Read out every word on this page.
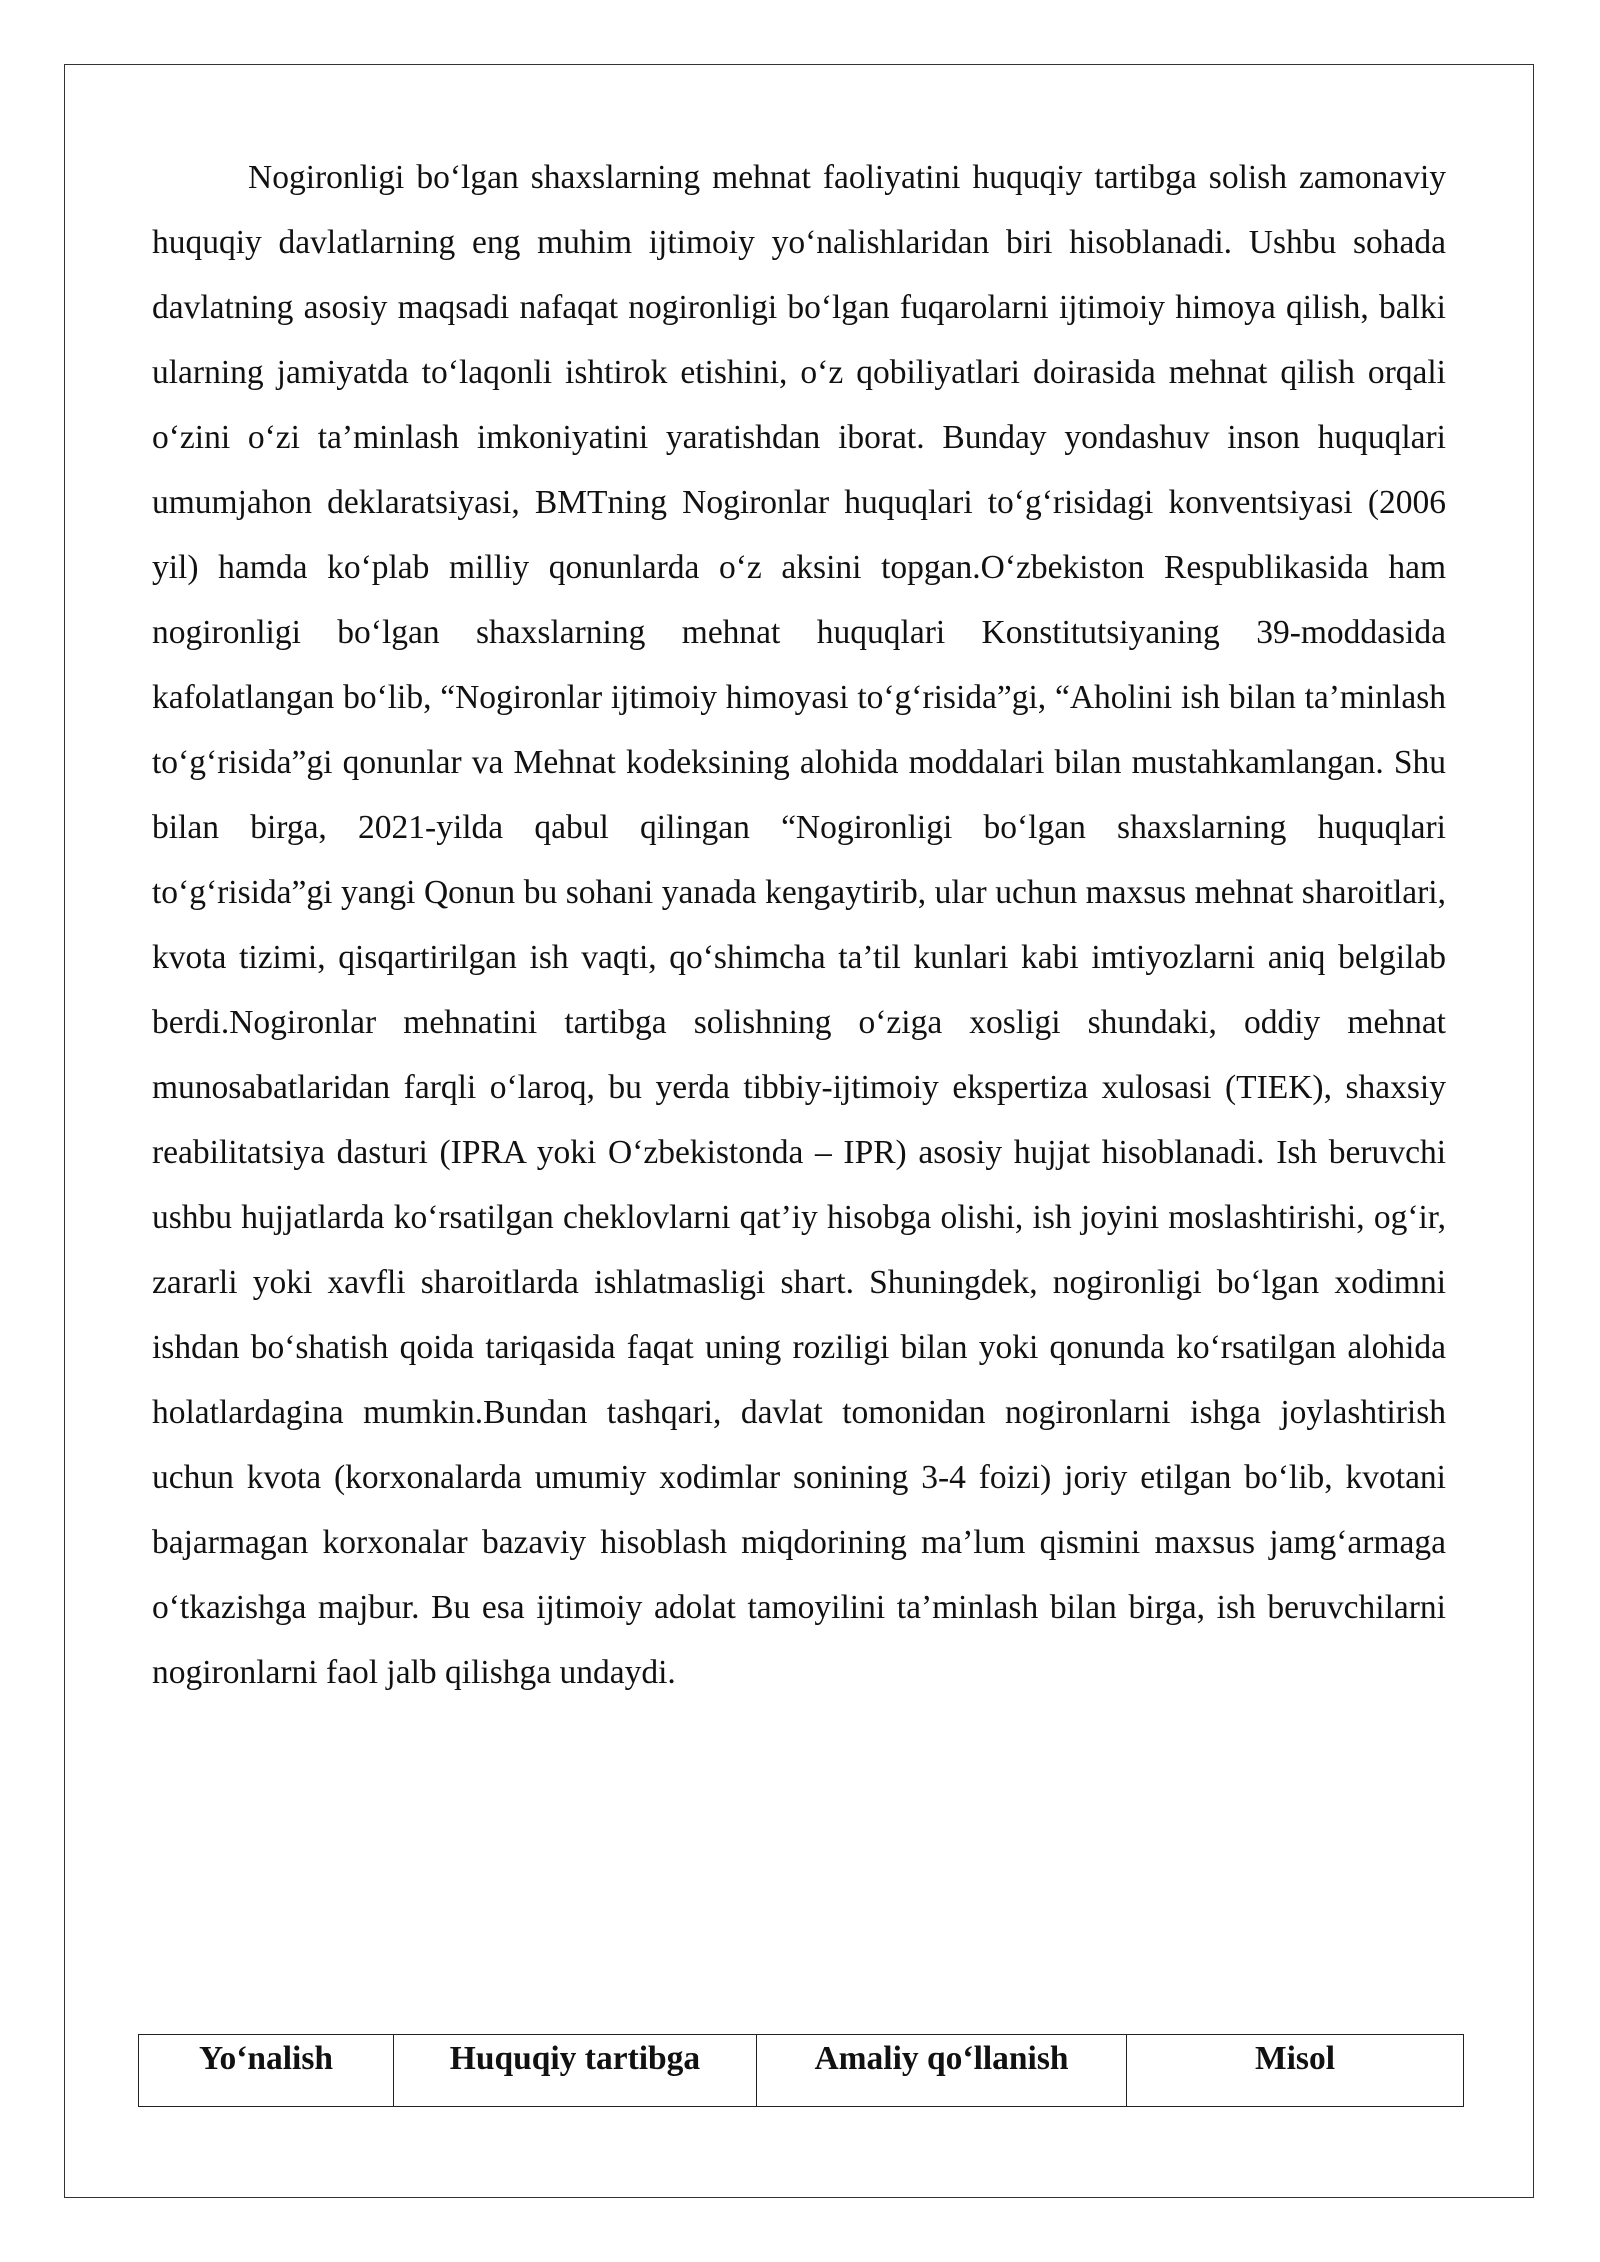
Nogironligi bo‘lgan shaxslarning mehnat faoliyatini huquqiy tartibga solish zamonaviy huquqiy davlatlarning eng muhim ijtimoiy yo‘nalishlaridan biri hisoblanadi. Ushbu sohada davlatning asosiy maqsadi nafaqat nogironligi bo‘lgan fuqarolarni ijtimoiy himoya qilish, balki ularning jamiyatda to‘laqonli ishtirok etishini, o‘z qobiliyatlari doirasida mehnat qilish orqali o‘zini o‘zi ta’minlash imkoniyatini yaratishdan iborat. Bunday yondashuv inson huquqlari umumjahon deklaratsiyasi, BMTning Nogironlar huquqlari to‘g‘risidagi konventsiyasi (2006 yil) hamda ko‘plab milliy qonunlarda o‘z aksini topgan.O‘zbekiston Respublikasida ham nogironligi bo‘lgan shaxslarning mehnat huquqlari Konstitutsiyaning 39-moddasida kafolatlangan bo‘lib, “Nogironlar ijtimoiy himoyasi to‘g‘risida”gi, “Aholini ish bilan ta’minlash to‘g‘risida”gi qonunlar va Mehnat kodeksining alohida moddalari bilan mustahkamlangan. Shu bilan birga, 2021-yilda qabul qilingan “Nogironligi bo‘lgan shaxslarning huquqlari to‘g‘risida”gi yangi Qonun bu sohani yanada kengaytirib, ular uchun maxsus mehnat sharoitlari, kvota tizimi, qisqartirilgan ish vaqti, qo‘shimcha ta’til kunlari kabi imtiyozlarni aniq belgilab berdi.Nogironlar mehnatini tartibga solishning o‘ziga xosligi shundaki, oddiy mehnat munosabatlaridan farqli o‘laroq, bu yerda tibbiy-ijtimoiy ekspertiza xulosasi (TIEK), shaxsiy reabilitatsiya dasturi (IPRA yoki O‘zbekistonda – IPR) asosiy hujjat hisoblanadi. Ish beruvchi ushbu hujjatlarda ko‘rsatilgan cheklovlarni qat’iy hisobga olishi, ish joyini moslashtirishi, og‘ir, zararli yoki xavfli sharoitlarda ishlatmasligi shart. Shuningdek, nogironligi bo‘lgan xodimni ishdan bo‘shatish qoida tariqasida faqat uning roziligi bilan yoki qonunda ko‘rsatilgan alohida holatlardagina mumkin.Bundan tashqari, davlat tomonidan nogironlarni ishga joylashtirish uchun kvota (korxonalarda umumiy xodimlar sonining 3-4 foizi) joriy etilgan bo‘lib, kvotani bajarmagan korxonalar bazaviy hisoblash miqdorining ma’lum qismini maxsus jamg‘armaga o‘tkazishga majbur. Bu esa ijtimoiy adolat tamoyilini ta’minlash bilan birga, ish beruvchilarni nogironlarni faol jalb qilishga undaydi.

Yo‘nalish	Huquqiy tartibga	Amaliy qo‘llanish	Misol
